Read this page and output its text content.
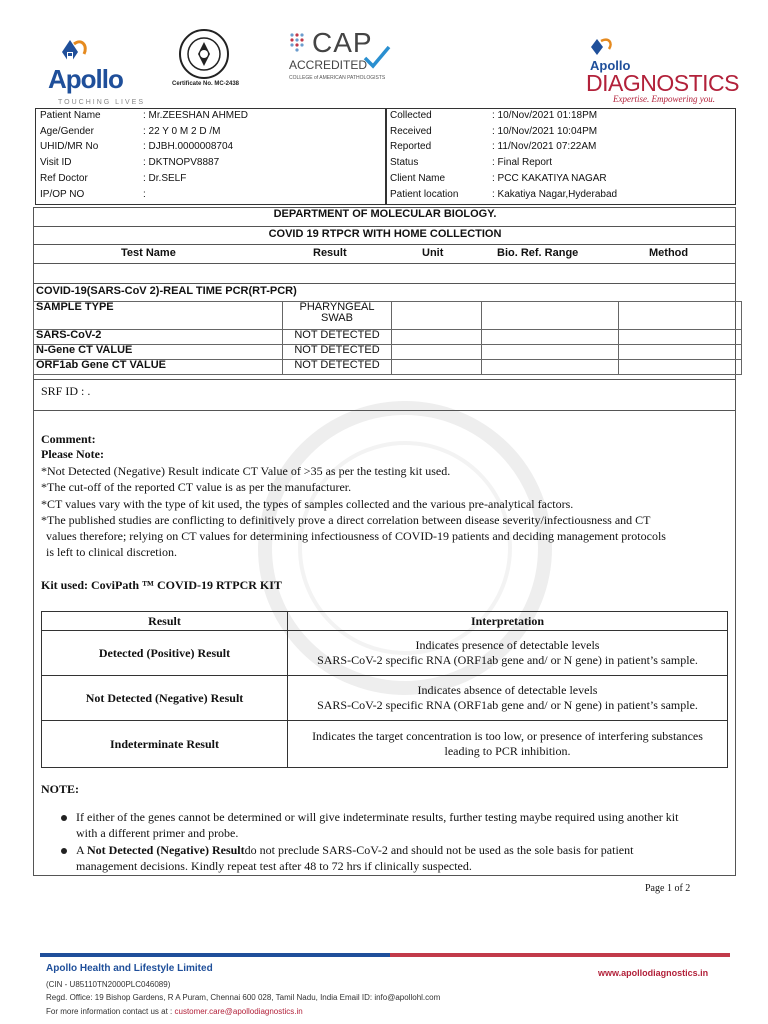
Apollo
TOUCHING LIVES
Certificate No. MC-2438
CAP
ACCREDITED
COLLEGE of AMERICAN PATHOLOGISTS
Apollo
DIAGNOSTICS
Expertise. Empowering you.
Patient Name	: Mr.ZEESHAN AHMED
Age/Gender	: 22 Y 0 M 2 D /M
UHID/MR No	: DJBH.0000008704
Visit ID	: DKTNOPV8887
Ref Doctor	: Dr.SELF
IP/OP NO	:
Collected	: 10/Nov/2021 01:18PM
Received	: 10/Nov/2021 10:04PM
Reported	: 11/Nov/2021 07:22AM
Status	: Final Report
Client Name	: PCC KAKATIYA NAGAR
Patient location	: Kakatiya Nagar,Hyderabad
DEPARTMENT OF MOLECULAR BIOLOGY.
COVID 19 RTPCR WITH HOME COLLECTION
Test Name	Result	Unit	Bio. Ref. Range	Method
COVID-19(SARS-CoV 2)-REAL TIME PCR(RT-PCR)
SAMPLE TYPE	PHARYNGEAL SWAB			
SARS-CoV-2	NOT DETECTED			
N-Gene CT VALUE	NOT DETECTED			
ORF1ab Gene CT VALUE	NOT DETECTED			
SRF ID : .
Comment:
Please Note:
*Not Detected (Negative) Result indicate CT Value of >35 as per the testing kit used.
*The cut-off of the reported CT value is as per the manufacturer.
*CT values vary with the type of kit used, the types of samples collected and the various pre-analytical factors.
*The published studies are conflicting to definitively prove a direct correlation between disease severity/infectiousness and CT
values therefore; relying on CT values for determining infectiousness of COVID-19 patients and deciding management protocols
is left to clinical discretion.
Kit used: CoviPath ™ COVID-19 RTPCR KIT
Result	Interpretation
Detected (Positive) Result	Indicates presence of detectable levels
SARS-CoV-2 specific RNA (ORF1ab gene and/ or N gene) in patient’s sample.

Not Detected (Negative) Result	Indicates absence of detectable levels
SARS-CoV-2 specific RNA (ORF1ab gene and/ or N gene) in patient’s sample.

Indeterminate Result	Indicates the target concentration is too low, or presence of interfering substances
leading to PCR inhibition.
NOTE:
If either of the genes cannot be determined or will give indeterminate results, further testing maybe required using another kit
with a different primer and probe.
A Not Detected (Negative) Resultdo not preclude SARS-CoV-2 and should not be used as the sole basis for patient
management decisions. Kindly repeat test after 48 to 72 hrs if clinically suspected.
Page 1 of 2
Apollo Health and Lifestyle Limited
(CIN - U85110TN2000PLC046089)
Regd. Office: 19 Bishop Gardens, R A Puram, Chennai 600 028, Tamil Nadu, India Email ID: info@apollohl.com
For more information contact us at : customer.care@apollodiagnostics.in
www.apollodiagnostics.in
